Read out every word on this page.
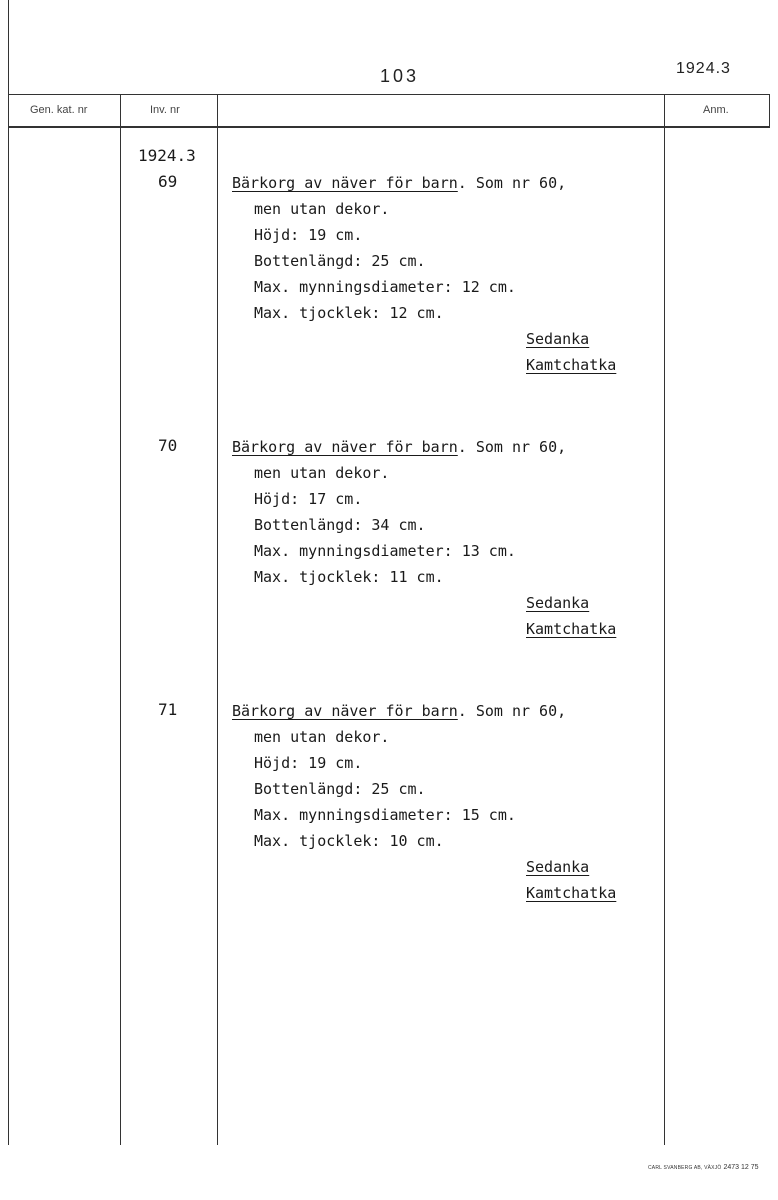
103	1924.3
Gen. kat. nr	Inv. nr	Anm.
1924.3
69	Bärkorg av näver för barn. Som nr 60,
men utan dekor.
Höjd: 19 cm.
Bottenlängd: 25 cm.
Max. mynningsdiameter: 12 cm.
Max. tjocklek: 12 cm.
Sedanka
Kamtchatka
70	Bärkorg av näver för barn. Som nr 60,
men utan dekor.
Höjd: 17 cm.
Bottenlängd: 34 cm.
Max. mynningsdiameter: 13 cm.
Max. tjocklek: 11 cm.
Sedanka
Kamtchatka
71	Bärkorg av näver för barn. Som nr 60,
men utan dekor.
Höjd: 19 cm.
Bottenlängd: 25 cm.
Max. mynningsdiameter: 15 cm.
Max. tjocklek: 10 cm.
Sedanka
Kamtchatka
CARL SVANBERG AB, VÄXJÖ 2473 12 75
